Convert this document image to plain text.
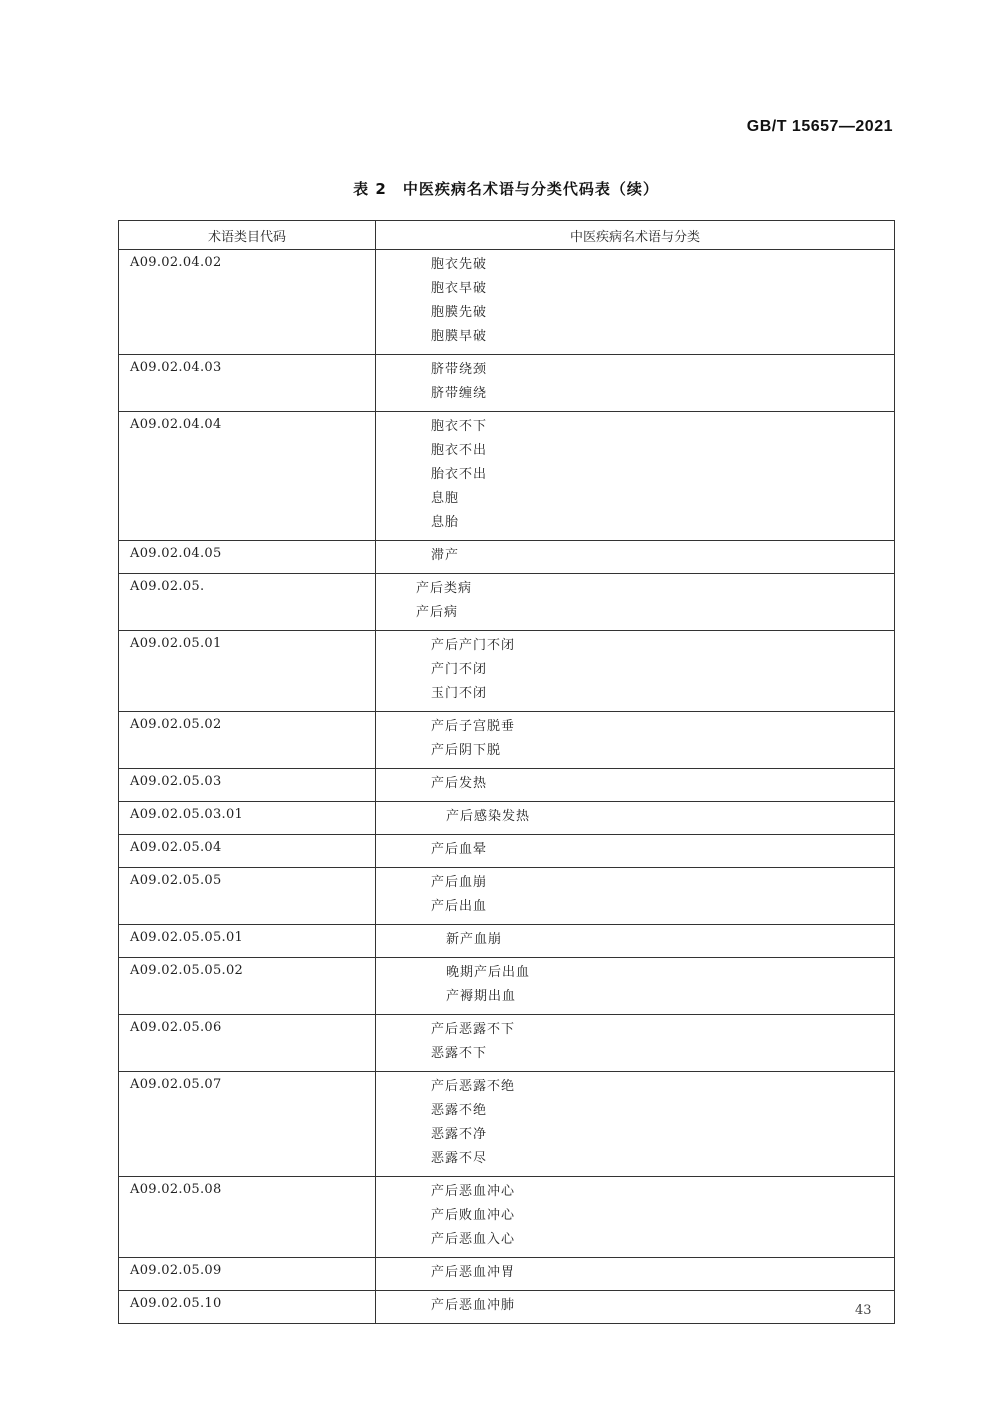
GB/T 15657—2021
表 2　中医疾病名术语与分类代码表（续）
术语类目代码	中医疾病名术语与分类
A09.02.04.02	胞衣先破
胞衣早破
胞膜先破
胞膜早破

A09.02.04.03	脐带绕颈
脐带缠绕

A09.02.04.04	胞衣不下
胞衣不出
胎衣不出
息胞
息胎

A09.02.04.05	滞产

A09.02.05.	产后类病
产后病

A09.02.05.01	产后产门不闭
产门不闭
玉门不闭

A09.02.05.02	产后子宫脱垂
产后阴下脱

A09.02.05.03	产后发热

A09.02.05.03.01	产后感染发热

A09.02.05.04	产后血晕

A09.02.05.05	产后血崩
产后出血

A09.02.05.05.01	新产血崩

A09.02.05.05.02	晚期产后出血
产褥期出血

A09.02.05.06	产后恶露不下
恶露不下

A09.02.05.07	产后恶露不绝
恶露不绝
恶露不净
恶露不尽

A09.02.05.08	产后恶血冲心
产后败血冲心
产后恶血入心

A09.02.05.09	产后恶血冲胃

A09.02.05.10	产后恶血冲肺	43
